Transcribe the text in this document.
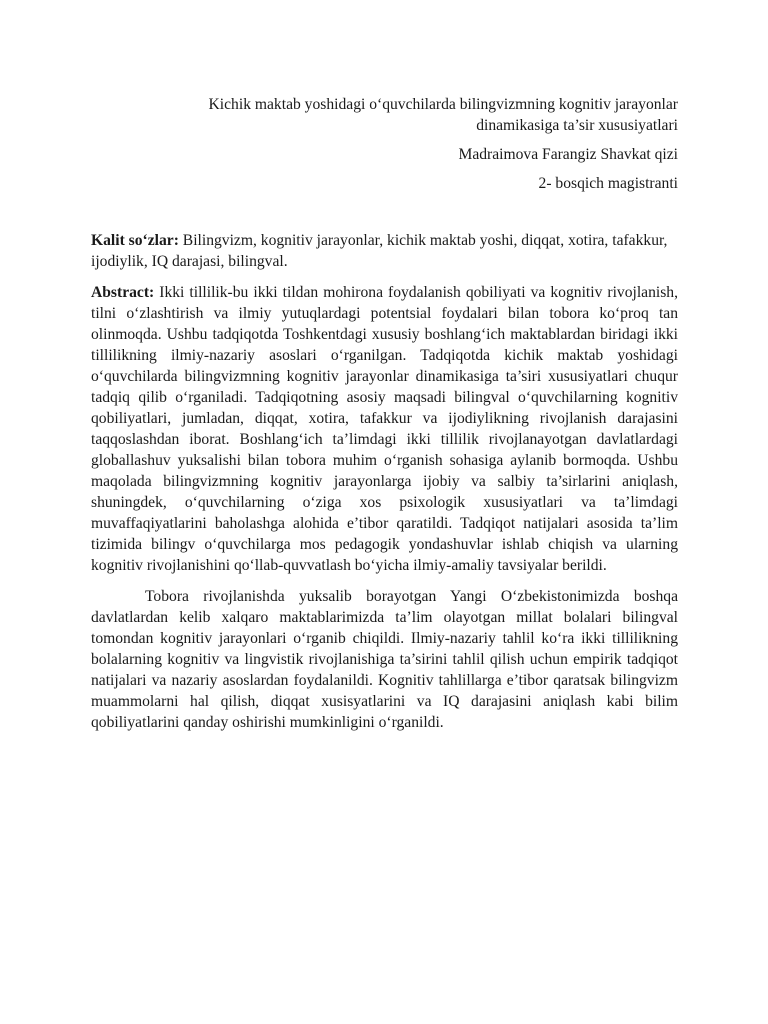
Kichik maktab yoshidagi o‘quvchilarda bilingvizmning kognitiv jarayonlar
dinamikasiga ta’sir xususiyatlari

Madraimova Farangiz Shavkat qizi

2- bosqich magistranti

Kalit so‘zlar: Bilingvizm, kognitiv jarayonlar, kichik maktab yoshi, diqqat, xotira, tafakkur, ijodiylik, IQ darajasi, bilingval.

Abstract: Ikki tillilik-bu ikki tildan mohirona foydalanish qobiliyati va kognitiv rivojlanish, tilni o‘zlashtirish va ilmiy yutuqlardagi potentsial foydalari bilan tobora ko‘proq tan olinmoqda. Ushbu tadqiqotda Toshkentdagi xususiy boshlang‘ich maktablardan biridagi ikki tillilikning ilmiy-nazariy asoslari o‘rganilgan. Tadqiqotda kichik maktab yoshidagi o‘quvchilarda bilingvizmning kognitiv jarayonlar dinamikasiga ta’siri xususiyatlari chuqur tadqiq qilib o‘rganiladi. Tadqiqotning asosiy maqsadi bilingval o‘quvchilarning kognitiv qobiliyatlari, jumladan, diqqat, xotira, tafakkur va ijodiylikning rivojlanish darajasini taqqoslashdan iborat. Boshlang‘ich ta’limdagi ikki tillilik rivojlanayotgan davlatlardagi globallashuv yuksalishi bilan tobora muhim o‘rganish sohasiga aylanib bormoqda. Ushbu maqolada bilingvizmning kognitiv jarayonlarga ijobiy va salbiy ta’sirlarini aniqlash, shuningdek, o‘quvchilarning o‘ziga xos psixologik xususiyatlari va ta’limdagi muvaffaqiyatlarini baholashga alohida e’tibor qaratildi. Tadqiqot natijalari asosida ta’lim tizimida bilingv o‘quvchilarga mos pedagogik yondashuvlar ishlab chiqish va ularning kognitiv rivojlanishini qo‘llab-quvvatlash bo‘yicha ilmiy-amaliy tavsiyalar berildi.

Tobora rivojlanishda yuksalib borayotgan Yangi O‘zbekistonimizda boshqa davlatlardan kelib xalqaro maktablarimizda ta’lim olayotgan millat bolalari bilingval tomondan kognitiv jarayonlari o‘rganib chiqildi. Ilmiy-nazariy tahlil ko‘ra ikki tillilikning bolalarning kognitiv va lingvistik rivojlanishiga ta’sirini tahlil qilish uchun empirik tadqiqot natijalari va nazariy asoslardan foydalanildi. Kognitiv tahlillarga e’tibor qaratsak bilingvizm muammolarni hal qilish, diqqat xusisyatlarini va IQ darajasini aniqlash kabi bilim qobiliyatlarini qanday oshirishi mumkinligini o‘rganildi.
